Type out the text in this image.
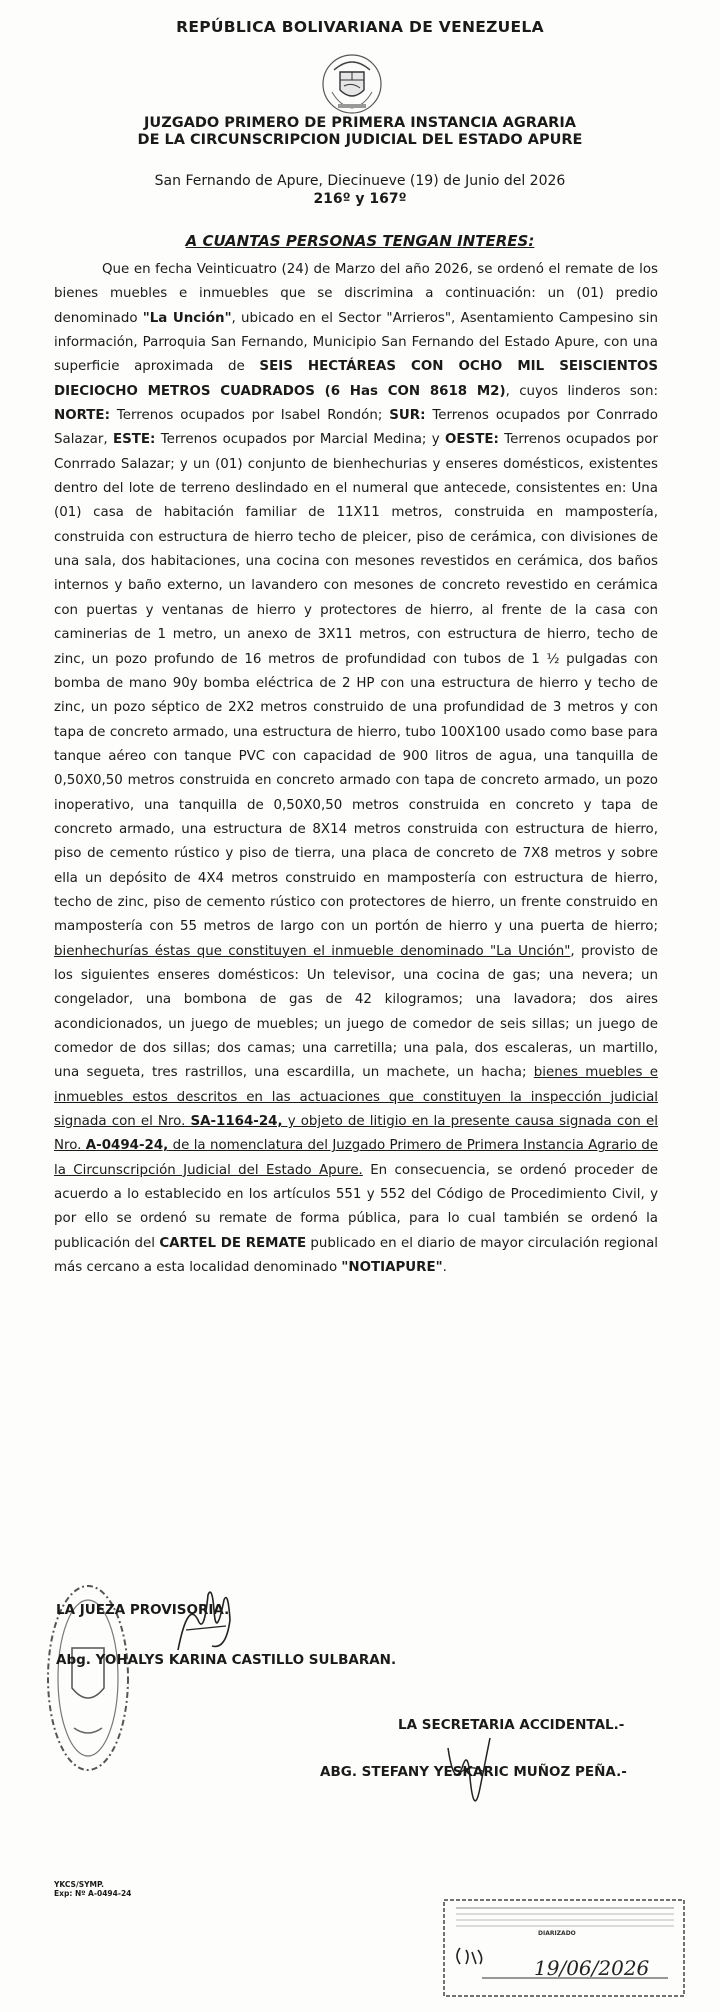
REPÚBLICA BOLIVARIANA DE VENEZUELA
JUZGADO PRIMERO DE PRIMERA INSTANCIA AGRARIA
DE LA CIRCUNSCRIPCION JUDICIAL DEL ESTADO APURE
San Fernando de Apure, Diecinueve (19) de Junio del 2026
216º y 167º
A CUANTAS PERSONAS TENGAN INTERES:
Que en fecha Veinticuatro (24) de Marzo del año 2026, se ordenó el remate de los bienes muebles e inmuebles que se discrimina a continuación: un (01) predio denominado "La Unción", ubicado en el Sector "Arrieros", Asentamiento Campesino sin información, Parroquia San Fernando, Municipio San Fernando del Estado Apure, con una superficie aproximada de SEIS HECTÁREAS CON OCHO MIL SEISCIENTOS DIECIOCHO METROS CUADRADOS (6 Has CON 8618 M2), cuyos linderos son: NORTE: Terrenos ocupados por Isabel Rondón; SUR: Terrenos ocupados por Conrrado Salazar, ESTE: Terrenos ocupados por Marcial Medina; y OESTE: Terrenos ocupados por Conrrado Salazar; y un (01) conjunto de bienhechurias y enseres domésticos, existentes dentro del lote de terreno deslindado en el numeral que antecede, consistentes en: Una (01) casa de habitación familiar de 11X11 metros, construida en mampostería, construida con estructura de hierro techo de pleicer, piso de cerámica, con divisiones de una sala, dos habitaciones, una cocina con mesones revestidos en cerámica, dos baños internos y baño externo, un lavandero con mesones de concreto revestido en cerámica con puertas y ventanas de hierro y protectores de hierro, al frente de la casa con caminerias de 1 metro, un anexo de 3X11 metros, con estructura de hierro, techo de zinc, un pozo profundo de 16 metros de profundidad con tubos de 1 ½ pulgadas con bomba de mano 90y bomba eléctrica de 2 HP con una estructura de hierro y techo de zinc, un pozo séptico de 2X2 metros construido de una profundidad de 3 metros y con tapa de concreto armado, una estructura de hierro, tubo 100X100 usado como base para tanque aéreo con tanque PVC con capacidad de 900 litros de agua, una tanquilla de 0,50X0,50 metros construida en concreto armado con tapa de concreto armado, un pozo inoperativo, una tanquilla de 0,50X0,50 metros construida en concreto y tapa de concreto armado, una estructura de 8X14 metros construida con estructura de hierro, piso de cemento rústico y piso de tierra, una placa de concreto de 7X8 metros y sobre ella un depósito de 4X4 metros construido en mampostería con estructura de hierro, techo de zinc, piso de cemento rústico con protectores de hierro, un frente construido en mampostería con 55 metros de largo con un portón de hierro y una puerta de hierro; bienhechurías éstas que constituyen el inmueble denominado "La Unción", provisto de los siguientes enseres domésticos: Un televisor, una cocina de gas; una nevera; un congelador, una bombona de gas de 42 kilogramos; una lavadora; dos aires acondicionados, un juego de muebles; un juego de comedor de seis sillas; un juego de comedor de dos sillas; dos camas; una carretilla; una pala, dos escaleras, un martillo, una segueta, tres rastrillos, una escardilla, un machete, un hacha; bienes muebles e inmuebles estos descritos en las actuaciones que constituyen la inspección judicial signada con el Nro. SA-1164-24, y objeto de litigio en la presente causa signada con el Nro. A-0494-24, de la nomenclatura del Juzgado Primero de Primera Instancia Agrario de la Circunscripción Judicial del Estado Apure. En consecuencia, se ordenó proceder de acuerdo a lo establecido en los artículos 551 y 552 del Código de Procedimiento Civil, y por ello se ordenó su remate de forma pública, para lo cual también se ordenó la publicación del CARTEL DE REMATE publicado en el diario de mayor circulación regional más cercano a esta localidad denominado "NOTIAPURE".
LA JUEZA PROVISORIA.
Abg. YOHALYS KARINA CASTILLO SULBARAN.
LA SECRETARIA ACCIDENTAL.-
ABG. STEFANY YESKARIC MUÑOZ PEÑA.-
YKCS/SYMP.
Exp: Nº A-0494-24
DIARIZADO
19/06/2026
